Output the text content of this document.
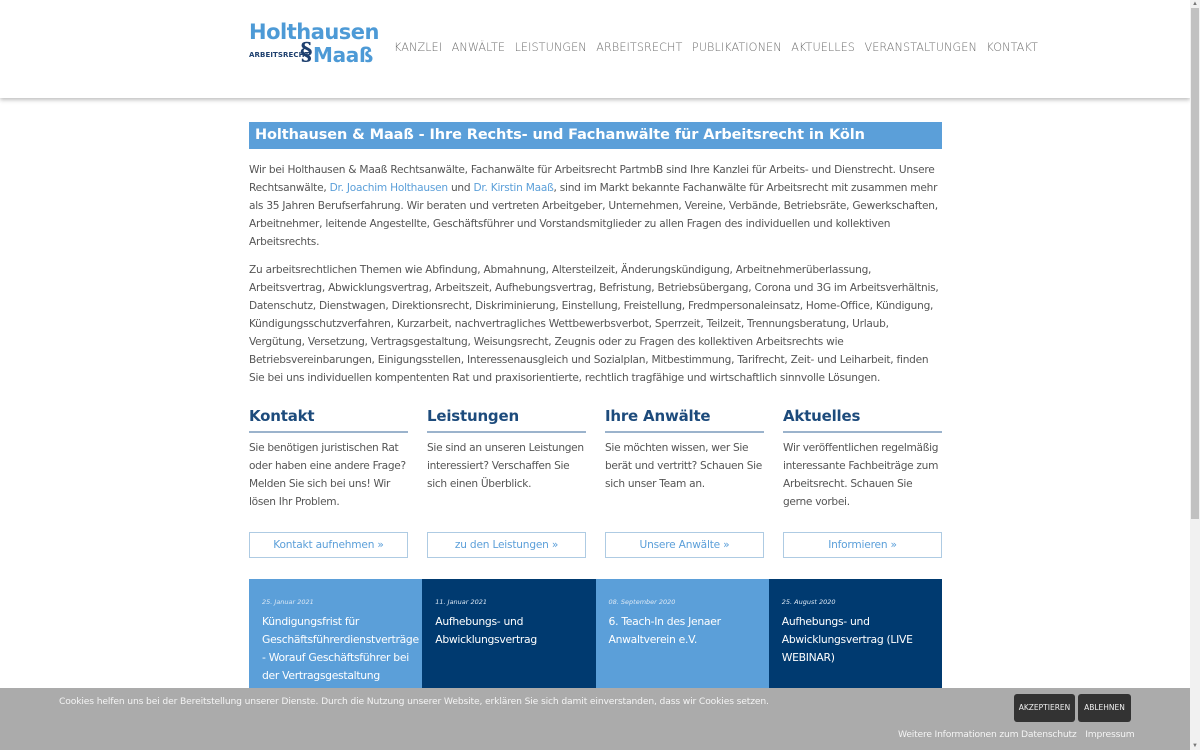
Holthausen
ARBEITSRECHT
§ Maaß KANZLEI ANWÄLTE LEISTUNGEN ARBEITSRECHT PUBLIKATIONEN AKTUELLES VERANSTALTUNGEN KONTAKT
Holthausen & Maaß - Ihre Rechts- und Fachanwälte für Arbeitsrecht in Köln

Wir bei Holthausen & Maaß Rechtsanwälte, Fachanwälte für Arbeitsrecht PartmbB sind Ihre Kanzlei für Arbeits- und Dienstrecht. Unsere Rechtsanwälte, Dr. Joachim Holthausen und Dr. Kirstin Maaß, sind im Markt bekannte Fachanwälte für Arbeitsrecht mit zusammen mehr als 35 Jahren Berufserfahrung. Wir beraten und vertreten Arbeitgeber, Unternehmen, Vereine, Verbände, Betriebsräte, Gewerkschaften, Arbeitnehmer, leitende Angestellte, Geschäftsführer und Vorstandsmitglieder zu allen Fragen des individuellen und kollektiven Arbeitsrechts.

Zu arbeitsrechtlichen Themen wie Abfindung, Abmahnung, Altersteilzeit, Änderungskündigung, Arbeitnehmerüberlassung, Arbeitsvertrag, Abwicklungsvertrag, Arbeitszeit, Aufhebungsvertrag, Befristung, Betriebsübergang, Corona und 3G im Arbeitsverhältnis, Datenschutz, Dienstwagen, Direktionsrecht, Diskriminierung, Einstellung, Freistellung, Fredmpersonaleinsatz, Home-Office, Kündigung, Kündigungsschutzverfahren, Kurzarbeit, nachvertragliches Wettbewerbsverbot, Sperrzeit, Teilzeit, Trennungsberatung, Urlaub, Vergütung, Versetzung, Vertragsgestaltung, Weisungsrecht, Zeugnis oder zu Fragen des kollektiven Arbeitsrechts wie Betriebsvereinbarungen, Einigungsstellen, Interessenausgleich und Sozialplan, Mitbestimmung, Tarifrecht, Zeit- und Leiharbeit, finden Sie bei uns individuellen kompententen Rat und praxisorientierte, rechtlich tragfähige und wirtschaftlich sinnvolle Lösungen.

Kontakt

Sie benötigen juristischen Rat oder haben eine andere Frage? Melden Sie sich bei uns! Wir lösen Ihr Problem.

Kontakt aufnehmen »
Leistungen

Sie sind an unseren Leistungen interessiert? Verschaffen Sie sich einen Überblick.

zu den Leistungen »
Ihre Anwälte

Sie möchten wissen, wer Sie berät und vertritt? Schauen Sie sich unser Team an.

Unsere Anwälte »
Aktuelles

Wir veröffentlichen regelmäßig interessante Fachbeiträge zum Arbeitsrecht. Schauen Sie gerne vorbei.

Informieren »
25. Januar 2021
Kündigungsfrist für Geschäftsführerdienstverträge - Worauf Geschäftsführer bei der Vertragsgestaltung
11. Januar 2021
Aufhebungs- und Abwicklungsvertrag
08. September 2020
6. Teach-In des Jenaer Anwaltverein e.V.
25. August 2020
Aufhebungs- und Abwicklungsvertrag (LIVE WEBINAR)
Cookies helfen uns bei der Bereitstellung unserer Dienste. Durch die Nutzung unserer Website, erklären Sie sich damit einverstanden, dass wir Cookies setzen.
AKZEPTIEREN	ABLEHNEN
Weitere Informationen zum Datenschutz Impressum
▲
▼
